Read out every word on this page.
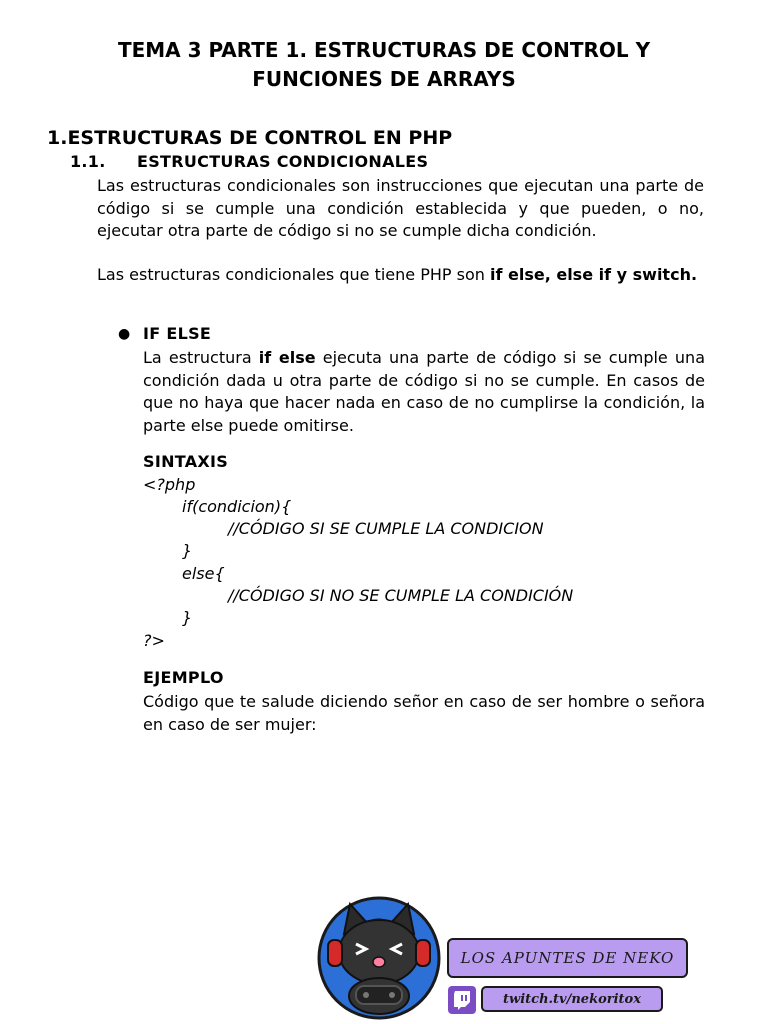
TEMA 3 PARTE 1. ESTRUCTURAS DE CONTROL Y
FUNCIONES DE ARRAYS
1.ESTRUCTURAS DE CONTROL EN PHP
1.1. ESTRUCTURAS CONDICIONALES
Las estructuras condicionales son instrucciones que ejecutan una parte de código si se cumple una condición establecida y que pueden, o no, ejecutar otra parte de código si no se cumple dicha condición.
Las estructuras condicionales que tiene PHP son if else, else if y switch.
● IF ELSE
La estructura if else ejecuta una parte de código si se cumple una condición dada u otra parte de código si no se cumple. En casos de que no haya que hacer nada en caso de no cumplirse la condición, la parte else puede omitirse.
SINTAXIS
<?php
if(condicion){
//CÓDIGO SI SE CUMPLE LA CONDICION
}
else{
//CÓDIGO SI NO SE CUMPLE LA CONDICIÓN
}
?>
EJEMPLO
Código que te salude diciendo señor en caso de ser hombre o señora en caso de ser mujer:
LOS APUNTES DE NEKO
twitch.tv/nekoritox
